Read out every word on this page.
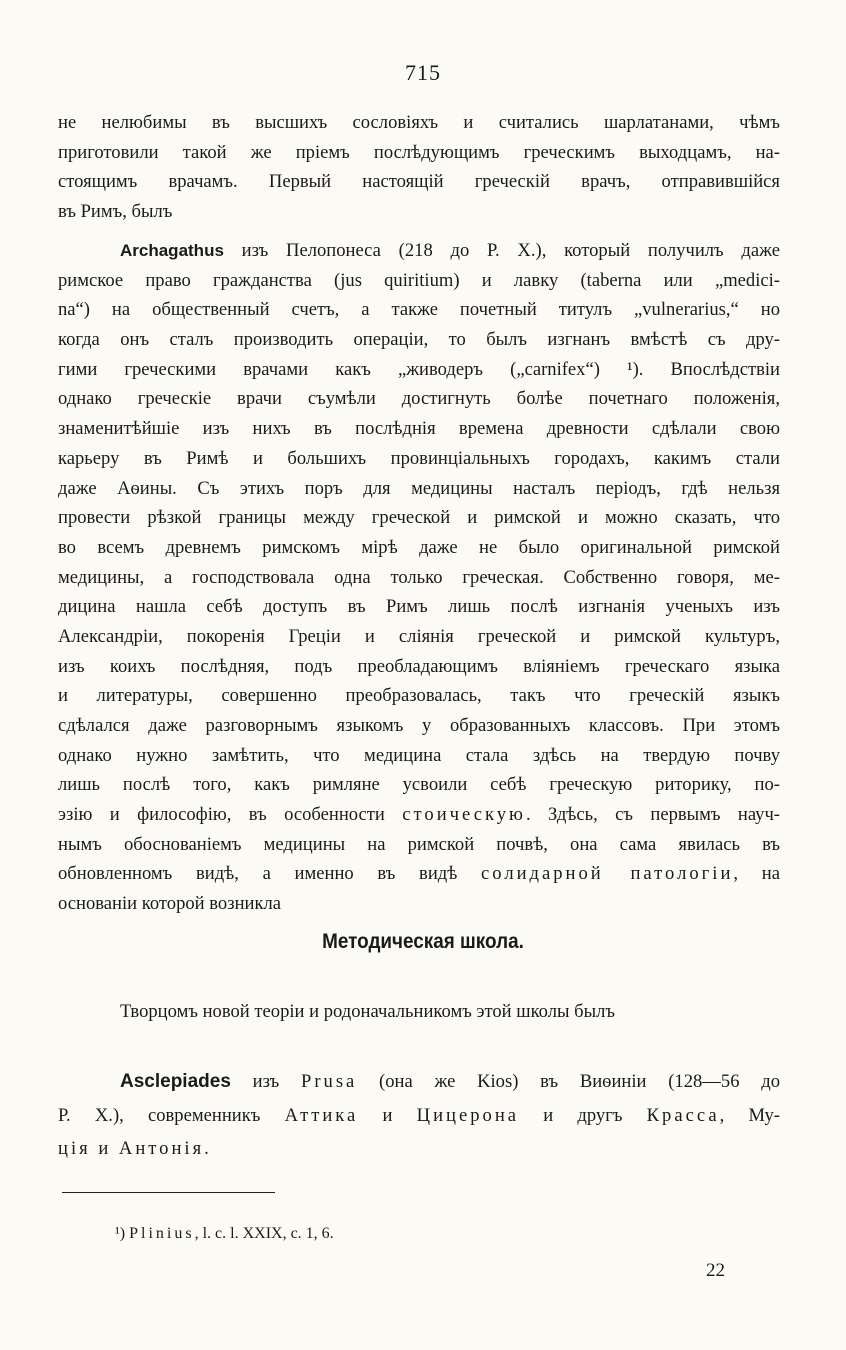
715
не нелюбимы въ высшихъ сословіяхъ и считались шарлатанами, чѣмъ
приготовили такой же пріемъ послѣдующимъ греческимъ выходцамъ, на-
стоящимъ врачамъ. Первый настоящій греческій врачъ, отправившійся
въ Римъ, былъ
Archagathus изъ Пелопонеса (218 до Р. Х.), который получилъ даже
римское право гражданства (jus quiritium) и лавку (taberna или „medici-
na“) на общественный счетъ, а также почетный титулъ „vulnerarius,“ но
когда онъ сталъ производить операціи, то былъ изгнанъ вмѣстѣ съ дру-
гими греческими врачами какъ „живодеръ („carnifex“) ¹). Впослѣдствіи
однако греческіе врачи съумѣли достигнуть болѣе почетнаго положенія,
знаменитѣйшіе изъ нихъ въ послѣднія времена древности сдѣлали свою
карьеру въ Римѣ и большихъ провинціальныхъ городахъ, какимъ стали
даже Аѳины. Съ этихъ поръ для медицины насталъ періодъ, гдѣ нельзя
провести рѣзкой границы между греческой и римской и можно сказать, что
во всемъ древнемъ римскомъ мірѣ даже не было оригинальной римской
медицины, а господствовала одна только греческая. Собственно говоря, ме-
дицина нашла себѣ доступъ въ Римъ лишь послѣ изгнанія ученыхъ изъ
Александріи, покоренія Греціи и сліянія греческой и римской культуръ,
изъ коихъ послѣдняя, подъ преобладающимъ вліяніемъ греческаго языка
и литературы, совершенно преобразовалась, такъ что греческій языкъ
сдѣлался даже разговорнымъ языкомъ у образованныхъ классовъ. При этомъ
однако нужно замѣтить, что медицина стала здѣсь на твердую почву
лишь послѣ того, какъ римляне усвоили себѣ греческую риторику, по-
эзію и философію, въ особенности стоическую. Здѣсь, съ первымъ науч-
нымъ обоснованіемъ медицины на римской почвѣ, она сама явилась въ
обновленномъ видѣ, а именно въ видѣ солидарной патологіи, на
основаніи которой возникла
Методическая школа.
Творцомъ новой теоріи и родоначальникомъ этой школы былъ
Asclepiades изъ Prusa (она же Kios) въ Виѳиніи (128—56 до
Р. Х.), современникъ Аттика и Цицерона и другъ Красса, Му-
ція и Антонія.
¹) Plinius, l. c. l. XXIX, c. 1, 6.
22
